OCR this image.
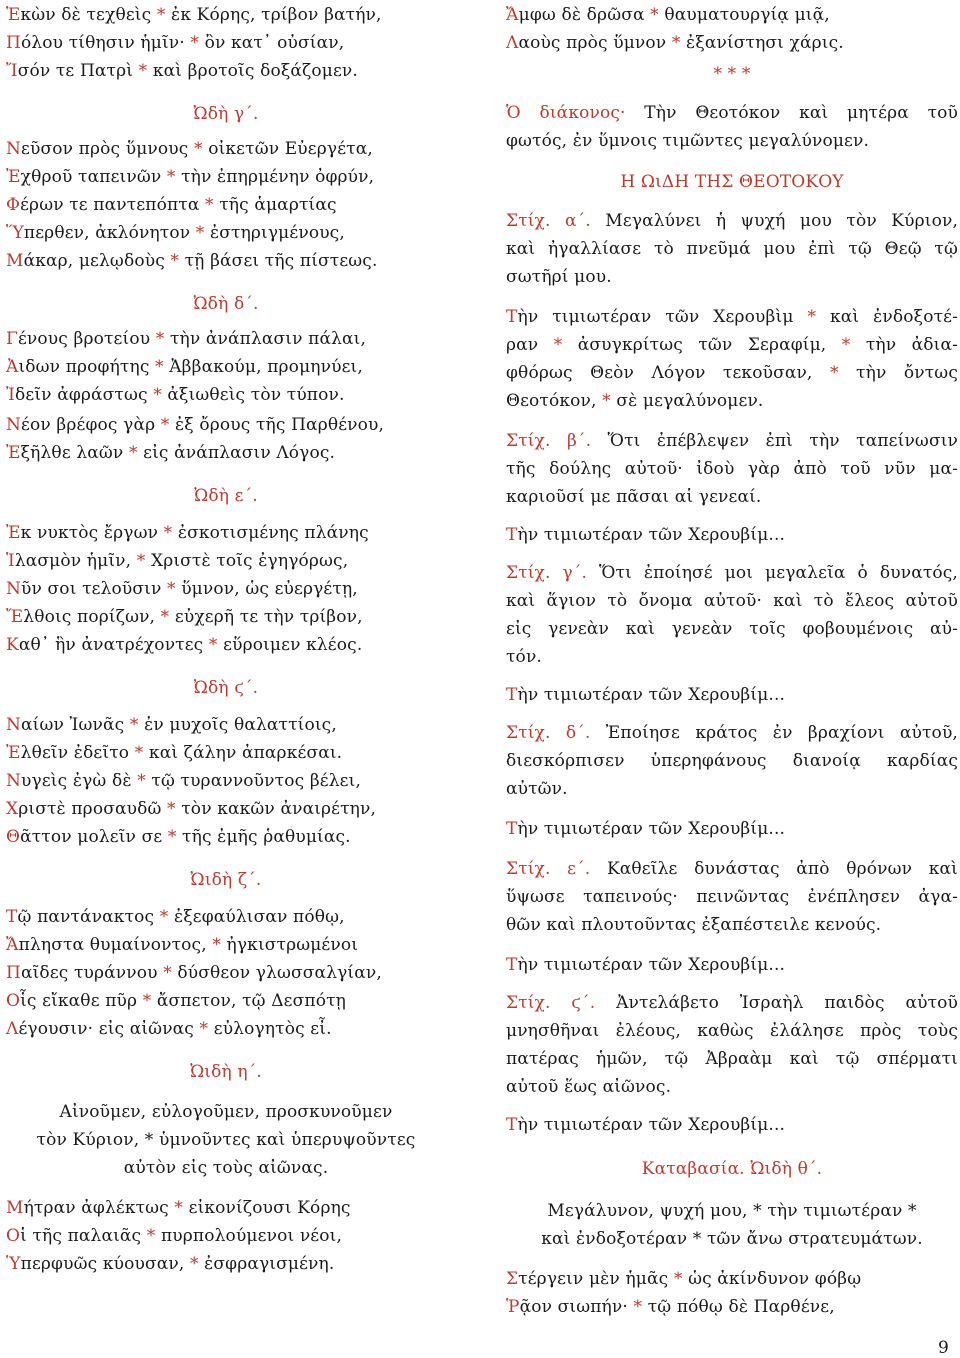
Ἑκὼν δὲ τεχθεὶς * ἐκ Κόρης, τρίβον βατήν,
Πόλου τίθησιν ἡμῖν· * ὃν κατ᾽ οὐσίαν,
Ἴσόν τε Πατρὶ * καὶ βροτοῖς δοξάζομεν.
Ὠδὴ γ΄.
Νεῦσον πρὸς ὕμνους * οἰκετῶν Εὐεργέτα,
Ἐχθροῦ ταπεινῶν * τὴν ἐπηρμένην ὀφρύν,
Φέρων τε παντεπόπτα * τῆς ἁμαρτίας
Ὕπερθεν, ἀκλόνητον * ἐστηριγμένους,
Μάκαρ, μελῳδοὺς * τῇ βάσει τῆς πίστεως.
Ὠδὴ δ΄.
Γένους βροτείου * τὴν ἀνάπλασιν πάλαι,
Ἀιδων προφήτης * Ἀββακούμ, προμηνύει,
Ἰδεῖν ἀφράστως * ἀξιωθεὶς τὸν τύπον.
Νέον βρέφος γὰρ * ἐξ ὄρους τῆς Παρθένου,
Ἐξῆλθε λαῶν * εἰς ἀνάπλασιν Λόγος.
Ὠδὴ ε΄.
Ἐκ νυκτὸς ἔργων * ἐσκοτισμένης πλάνης
Ἱλασμὸν ἡμῖν, * Χριστὲ τοῖς ἐγηγόρως,
Νῦν σοι τελοῦσιν * ὕμνον, ὡς εὐεργέτῃ,
Ἔλθοις πορίζων, * εὐχερῆ τε τὴν τρίβον,
Καθ᾽ ἣν ἀνατρέχοντες * εὕροιμεν κλέος.
Ὠδὴ ϛ΄.
Ναίων Ἰωνᾶς * ἐν μυχοῖς θαλαττίοις,
Ἐλθεῖν ἐδεῖτο * καὶ ζάλην ἀπαρκέσαι.
Νυγεὶς ἐγὼ δὲ * τῷ τυραννοῦντος βέλει,
Χριστὲ προσαυδῶ * τὸν κακῶν ἀναιρέτην,
Θᾶττον μολεῖν σε * τῆς ἐμῆς ῥαθυμίας.
Ὠιδὴ ζ΄.
Τῷ παντάνακτος * ἐξεφαύλισαν πόθῳ,
Ἄπληστα θυμαίνοντος, * ἠγκιστρωμένοι
Παῖδες τυράννου * δύσθεον γλωσσαλγίαν,
Οἷς εἴκαθε πῦρ * ἄσπετον, τῷ Δεσπότῃ
Λέγουσιν· εἰς αἰῶνας * εὐλογητὸς εἶ.
Ὠιδὴ η΄.
Αἰνοῦμεν, εὐλογοῦμεν, προσκυνοῦμεν
τὸν Κύριον, * ὑμνοῦντες καὶ ὑπερυψοῦντες
αὐτὸν εἰς τοὺς αἰῶνας.
Μήτραν ἀφλέκτως * εἰκονίζουσι Κόρης
Οἱ τῆς παλαιᾶς * πυρπολούμενοι νέοι,
Ὑπερφυῶς κύουσαν, * ἐσφραγισμένη.
Ἄμφω δὲ δρῶσα * θαυματουργίᾳ μιᾷ,
Λαοὺς πρὸς ὕμνον * ἐξανίστησι χάρις.
* * *
Ὁ διάκονος· Τὴν Θεοτόκον καὶ μητέρα τοῦ
φωτός, ἐν ὕμνοις τιμῶντες μεγαλύνομεν.
Η ΩιΔΗ ΤΗΣ ΘΕΟΤΟΚΟΥ
Στίχ. α΄. Μεγαλύνει ἡ ψυχή μου τὸν Κύριον,
καὶ ἠγαλλίασε τὸ πνεῦμά μου ἐπὶ τῷ Θεῷ τῷ
σωτῆρί μου.
Τὴν τιμιωτέραν τῶν Χερουβὶμ * καὶ ἐνδοξοτέ-
ραν * ἀσυγκρίτως τῶν Σεραφίμ, * τὴν ἀδια-
φθόρως Θεὸν Λόγον τεκοῦσαν, * τὴν ὄντως
Θεοτόκον, * σὲ μεγαλύνομεν.
Στίχ. β΄. Ὅτι ἐπέβλεψεν ἐπὶ τὴν ταπείνωσιν
τῆς δούλης αὐτοῦ· ἰδοὺ γὰρ ἀπὸ τοῦ νῦν μα-
καριοῦσί με πᾶσαι αἱ γενεαί.
Τὴν τιμιωτέραν τῶν Χερουβίμ...
Στίχ. γ΄. Ὅτι ἐποίησέ μοι μεγαλεῖα ὁ δυνατός,
καὶ ἅγιον τὸ ὄνομα αὐτοῦ· καὶ τὸ ἔλεος αὐτοῦ
εἰς γενεὰν καὶ γενεὰν τοῖς φοβουμένοις αὐ-
τόν.
Τὴν τιμιωτέραν τῶν Χερουβίμ...
Στίχ. δ΄. Ἐποίησε κράτος ἐν βραχίονι αὐτοῦ,
διεσκόρπισεν ὑπερηφάνους διανοίᾳ καρδίας
αὐτῶν.
Τὴν τιμιωτέραν τῶν Χερουβίμ...
Στίχ. ε΄. Καθεῖλε δυνάστας ἀπὸ θρόνων καὶ
ὕψωσε ταπεινούς· πεινῶντας ἐνέπλησεν ἀγα-
θῶν καὶ πλουτοῦντας ἐξαπέστειλε κενούς.
Τὴν τιμιωτέραν τῶν Χερουβίμ...
Στίχ. ϛ΄. Ἀντελάβετο Ἰσραὴλ παιδὸς αὐτοῦ
μνησθῆναι ἐλέους, καθὼς ἐλάλησε πρὸς τοὺς
πατέρας ἡμῶν, τῷ Ἀβραὰμ καὶ τῷ σπέρματι
αὐτοῦ ἕως αἰῶνος.
Τὴν τιμιωτέραν τῶν Χερουβίμ...
Καταβασία. Ὠιδὴ θ΄.
Μεγάλυνον, ψυχή μου, * τὴν τιμιωτέραν *
καὶ ἐνδοξοτέραν * τῶν ἄνω στρατευμάτων.
Στέργειν μὲν ἡμᾶς * ὡς ἀκίνδυνον φόβῳ
Ῥᾷον σιωπήν· * τῷ πόθῳ δὲ Παρθένε,
9
